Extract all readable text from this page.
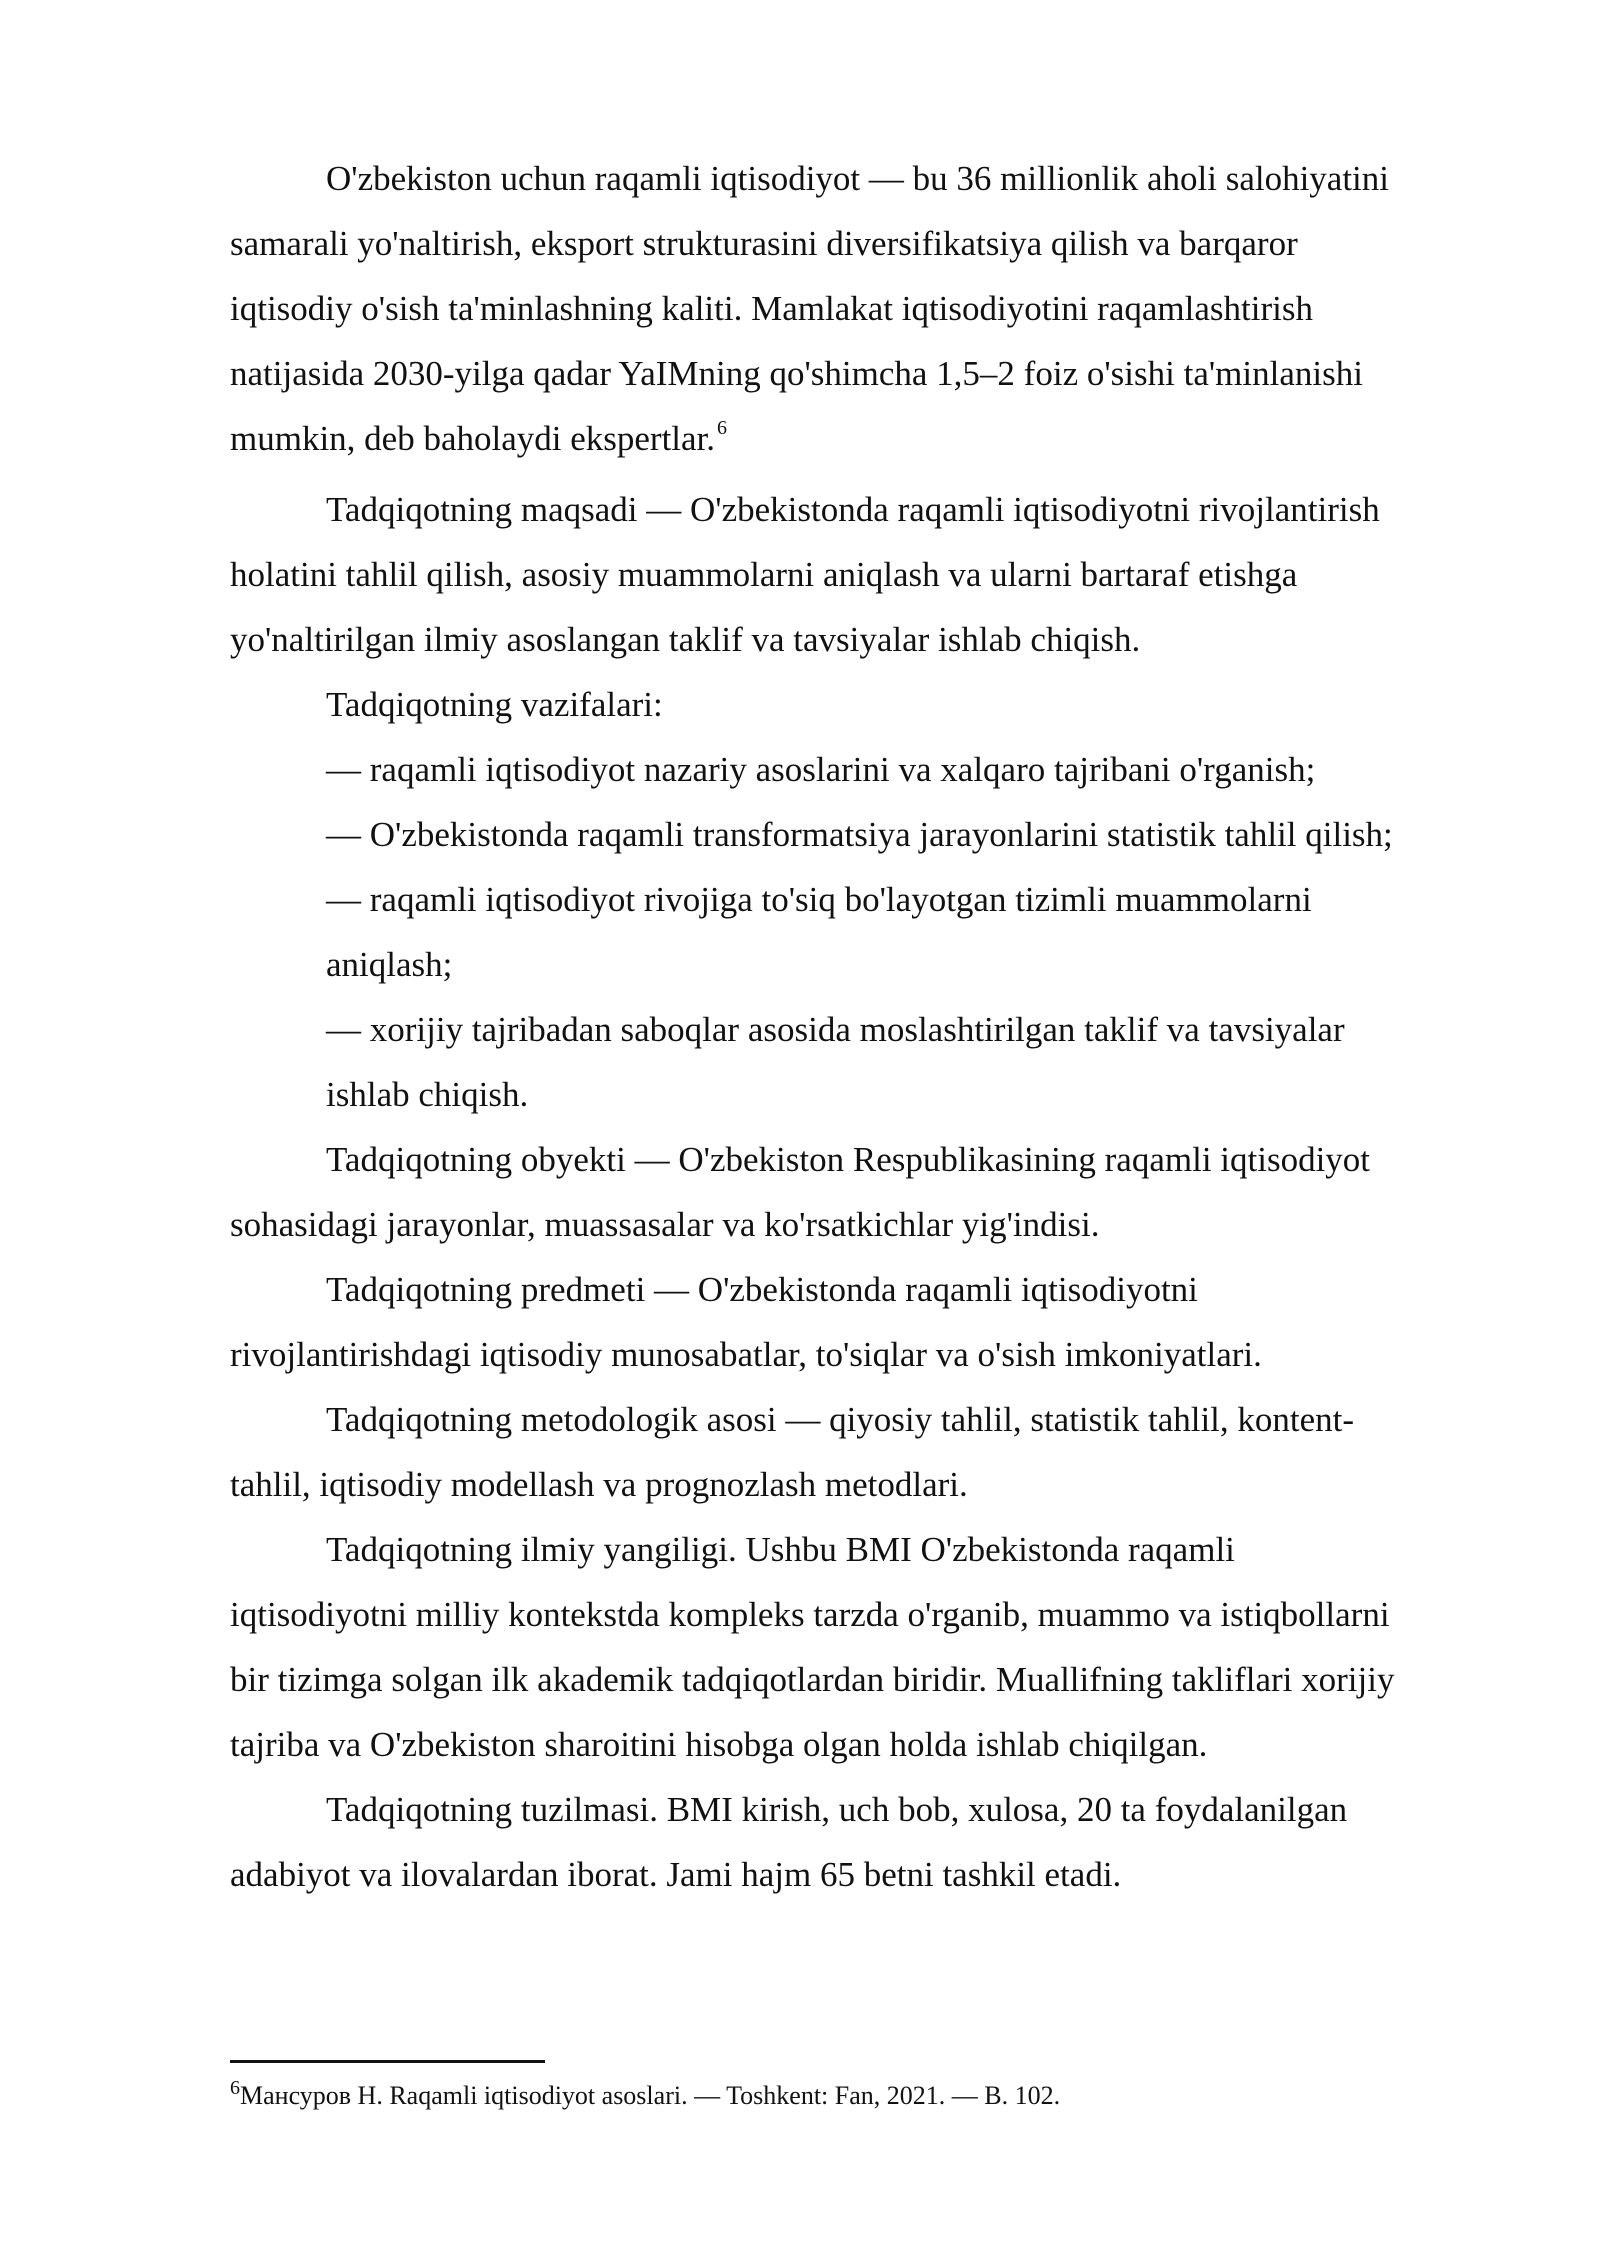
O'zbekiston uchun raqamli iqtisodiyot — bu 36 millionlik aholi salohiyatini
samarali yo'naltirish, eksport strukturasini diversifikatsiya qilish va barqaror
iqtisodiy o'sish ta'minlashning kaliti. Mamlakat iqtisodiyotini raqamlashtirish
natijasida 2030-yilga qadar YaIMning qo'shimcha 1,5–2 foiz o'sishi ta'minlanishi
mumkin, deb baholaydi ekspertlar. $^6$

Tadqiqotning maqsadi — O'zbekistonda raqamli iqtisodiyotni rivojlantirish
holatini tahlil qilish, asosiy muammolarni aniqlash va ularni bartaraf etishga
yo'naltirilgan ilmiy asoslangan taklif va tavsiyalar ishlab chiqish.

Tadqiqotning vazifalari:

— raqamli iqtisodiyot nazariy asoslarini va xalqaro tajribani o'rganish;
— O'zbekistonda raqamli transformatsiya jarayonlarini statistik tahlil qilish;
— raqamli iqtisodiyot rivojiga to'siq bo'layotgan tizimli muammolarni
aniqlash;
— xorijiy tajribadan saboqlar asosida moslashtirilgan taklif va tavsiyalar
ishlab chiqish.

Tadqiqotning obyekti — O'zbekiston Respublikasining raqamli iqtisodiyot
sohasidagi jarayonlar, muassasalar va ko'rsatkichlar yig'indisi.

Tadqiqotning predmeti — O'zbekistonda raqamli iqtisodiyotni
rivojlantirishdagi iqtisodiy munosabatlar, to'siqlar va o'sish imkoniyatlari.

Tadqiqotning metodologik asosi — qiyosiy tahlil, statistik tahlil, kontent-
tahlil, iqtisodiy modellash va prognozlash metodlari.

Tadqiqotning ilmiy yangiligi. Ushbu BMI O'zbekistonda raqamli
iqtisodiyotni milliy kontekstda kompleks tarzda o'rganib, muammo va istiqbollarni
bir tizimga solgan ilk akademik tadqiqotlardan biridir. Muallifning takliflari xorijiy
tajriba va O'zbekiston sharoitini hisobga olgan holda ishlab chiqilgan.

Tadqiqotning tuzilmasi. BMI kirish, uch bob, xulosa, 20 ta foydalanilgan
adabiyot va ilovalardan iborat. Jami hajm 65 betni tashkil etadi.

$^6$Мансуров Н. Raqamli iqtisodiyot asoslari. — Toshkent: Fan, 2021. — B. 102.
